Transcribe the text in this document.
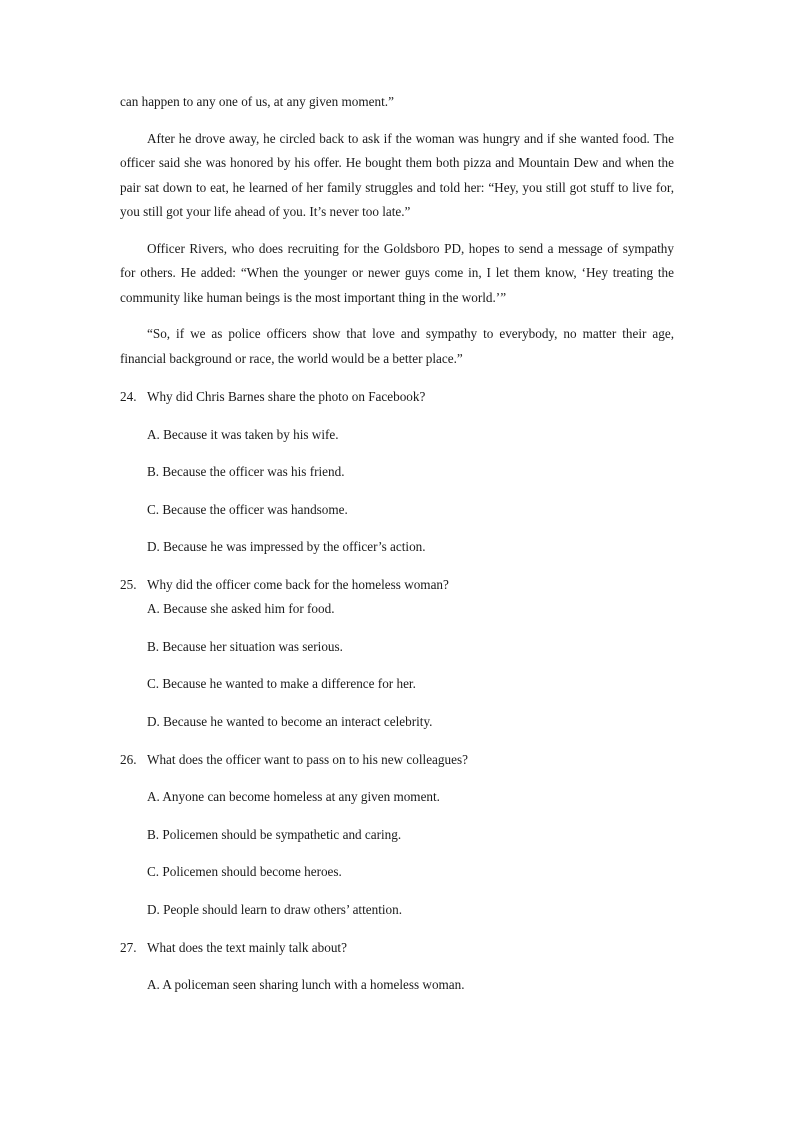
can happen to any one of us, at any given moment.”

After he drove away, he circled back to ask if the woman was hungry and if she wanted food. The officer said she was honored by his offer. He bought them both pizza and Mountain Dew and when the pair sat down to eat, he learned of her family struggles and told her: “Hey, you still got stuff to live for, you still got your life ahead of you. It’s never too late.”

Officer Rivers, who does recruiting for the Goldsboro PD, hopes to send a message of sympathy for others. He added: “When the younger or newer guys come in, I let them know, ‘Hey treating the community like human beings is the most important thing in the world.’”

“So, if we as police officers show that love and sympathy to everybody, no matter their age, financial background or race, the world would be a better place.”

24. Why did Chris Barnes share the photo on Facebook?
A. Because it was taken by his wife.
B. Because the officer was his friend.
C. Because the officer was handsome.
D. Because he was impressed by the officer’s action.
25. Why did the officer come back for the homeless woman?
A. Because she asked him for food.
B. Because her situation was serious.
C. Because he wanted to make a difference for her.
D. Because he wanted to become an interact celebrity.
26. What does the officer want to pass on to his new colleagues?
A. Anyone can become homeless at any given moment.
B. Policemen should be sympathetic and caring.
C. Policemen should become heroes.
D. People should learn to draw others’ attention.
27. What does the text mainly talk about?
A. A policeman seen sharing lunch with a homeless woman.
